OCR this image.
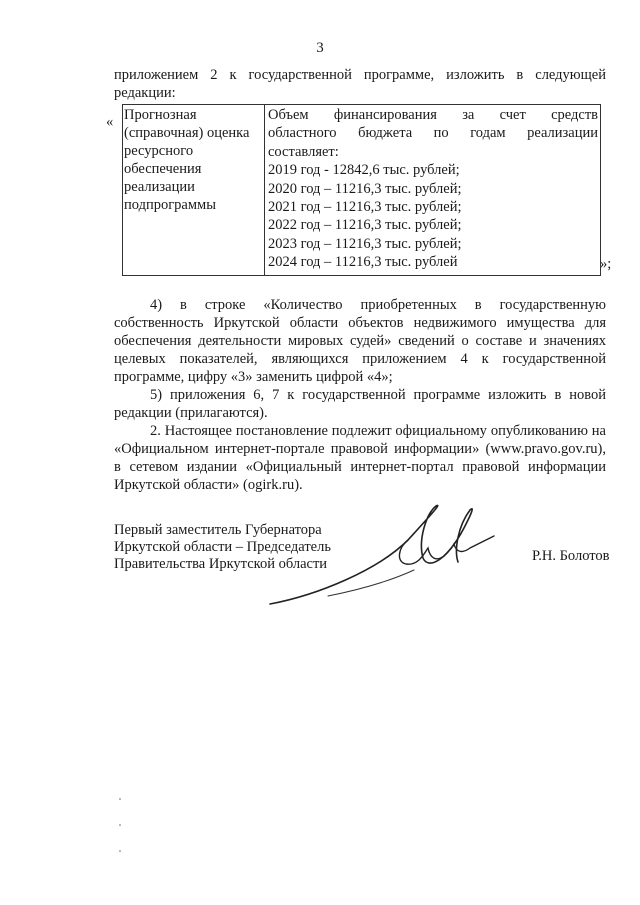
3
приложением 2 к государственной программе, изложить в следующей
редакции:
« Прогнозная
(справочная) оценка
ресурсного
обеспечения
реализации
подпрограммы
Объем финансирования за счет средств
областного бюджета по годам реализации
составляет:
2019 год - 12842,6 тыс. рублей;
2020 год – 11216,3 тыс. рублей;
2021 год – 11216,3 тыс. рублей;
2022 год – 11216,3 тыс. рублей;
2023 год – 11216,3 тыс. рублей;
2024 год – 11216,3 тыс. рублей	»;

4) в строке «Количество приобретенных в государственную собственность Иркутской области объектов недвижимого имущества для обеспечения деятельности мировых судей» сведений о составе и значениях целевых показателей, являющихся приложением 4 к государственной программе, цифру «3» заменить цифрой «4»;

5) приложения 6, 7 к государственной программе изложить в новой редакции (прилагаются).

2. Настоящее постановление подлежит официальному опубликованию на «Официальном интернет-портале правовой информации» (www.pravo.gov.ru), в сетевом издании «Официальный интернет-портал правовой информации Иркутской области» (ogirk.ru).

Первый заместитель Губернатора
Иркутской области – Председатель
Правительства Иркутской области	Р.Н. Болотов
